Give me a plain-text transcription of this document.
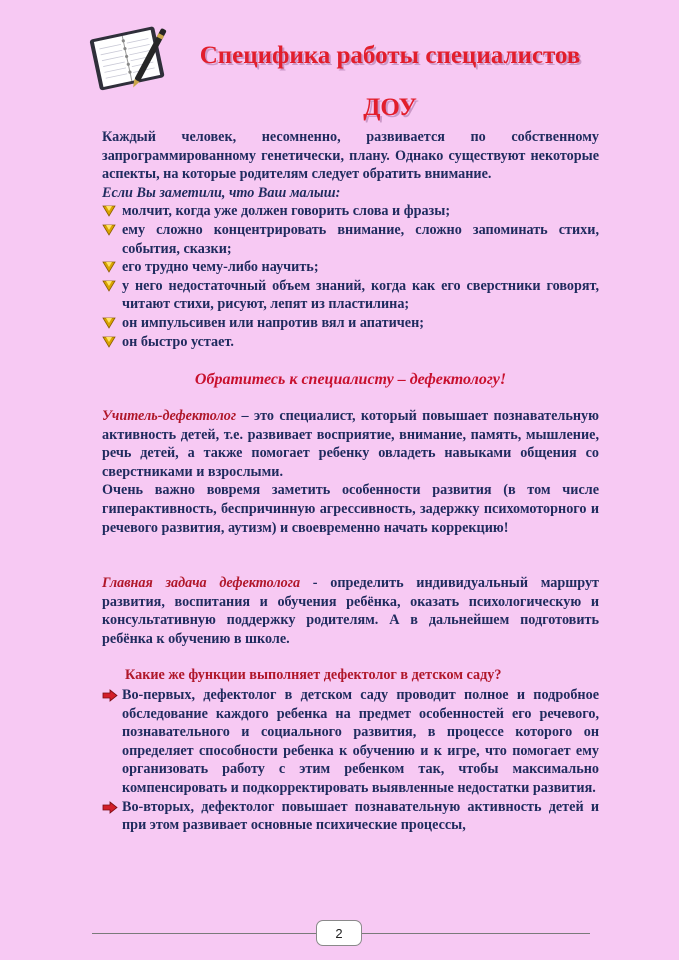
Специфика работы специалистов
ДОУ

Каждый человек, несомненно, развивается по собственному запрограммированному генетически, плану. Однако существуют некоторые аспекты, на которые родителям следует обратить внимание.

Если Вы заметили, что Ваш малыш:

молчит, когда уже должен говорить слова и фразы;
ему сложно концентрировать внимание, сложно запоминать стихи, события, сказки;
его трудно чему-либо научить;
у него недостаточный объем знаний, когда как его сверстники говорят, читают стихи, рисуют, лепят из пластилина;
он импульсивен или напротив вял и апатичен;
он быстро устает.
Обратитесь к специалисту – дефектологу!

Учитель-дефектолог – это специалист, который повышает познавательную активность детей, т.е. развивает восприятие, внимание, память, мышление, речь детей, а также помогает ребенку овладеть навыками общения со сверстниками и взрослыми.

Очень важно вовремя заметить особенности развития (в том числе гиперактивность, беспричинную агрессивность, задержку психомоторного и речевого развития, аутизм) и своевременно начать коррекцию!

Главная задача дефектолога - определить индивидуальный маршрут развития, воспитания и обучения ребёнка, оказать психологическую и консультативную поддержку родителям. А в дальнейшем подготовить ребёнка к обучению в школе.

Какие же функции выполняет дефектолог в детском саду?
Во-первых, дефектолог в детском саду проводит полное и подробное обследование каждого ребенка на предмет особенностей его речевого, познавательного и социального развития, в процессе которого он определяет способности ребенка к обучению и к игре, что помогает ему организовать работу с этим ребенком так, чтобы максимально компенсировать и подкорректировать выявленные недостатки развития.
Во-вторых, дефектолог повышает познавательную активность детей и при этом развивает основные психические процессы,
2
